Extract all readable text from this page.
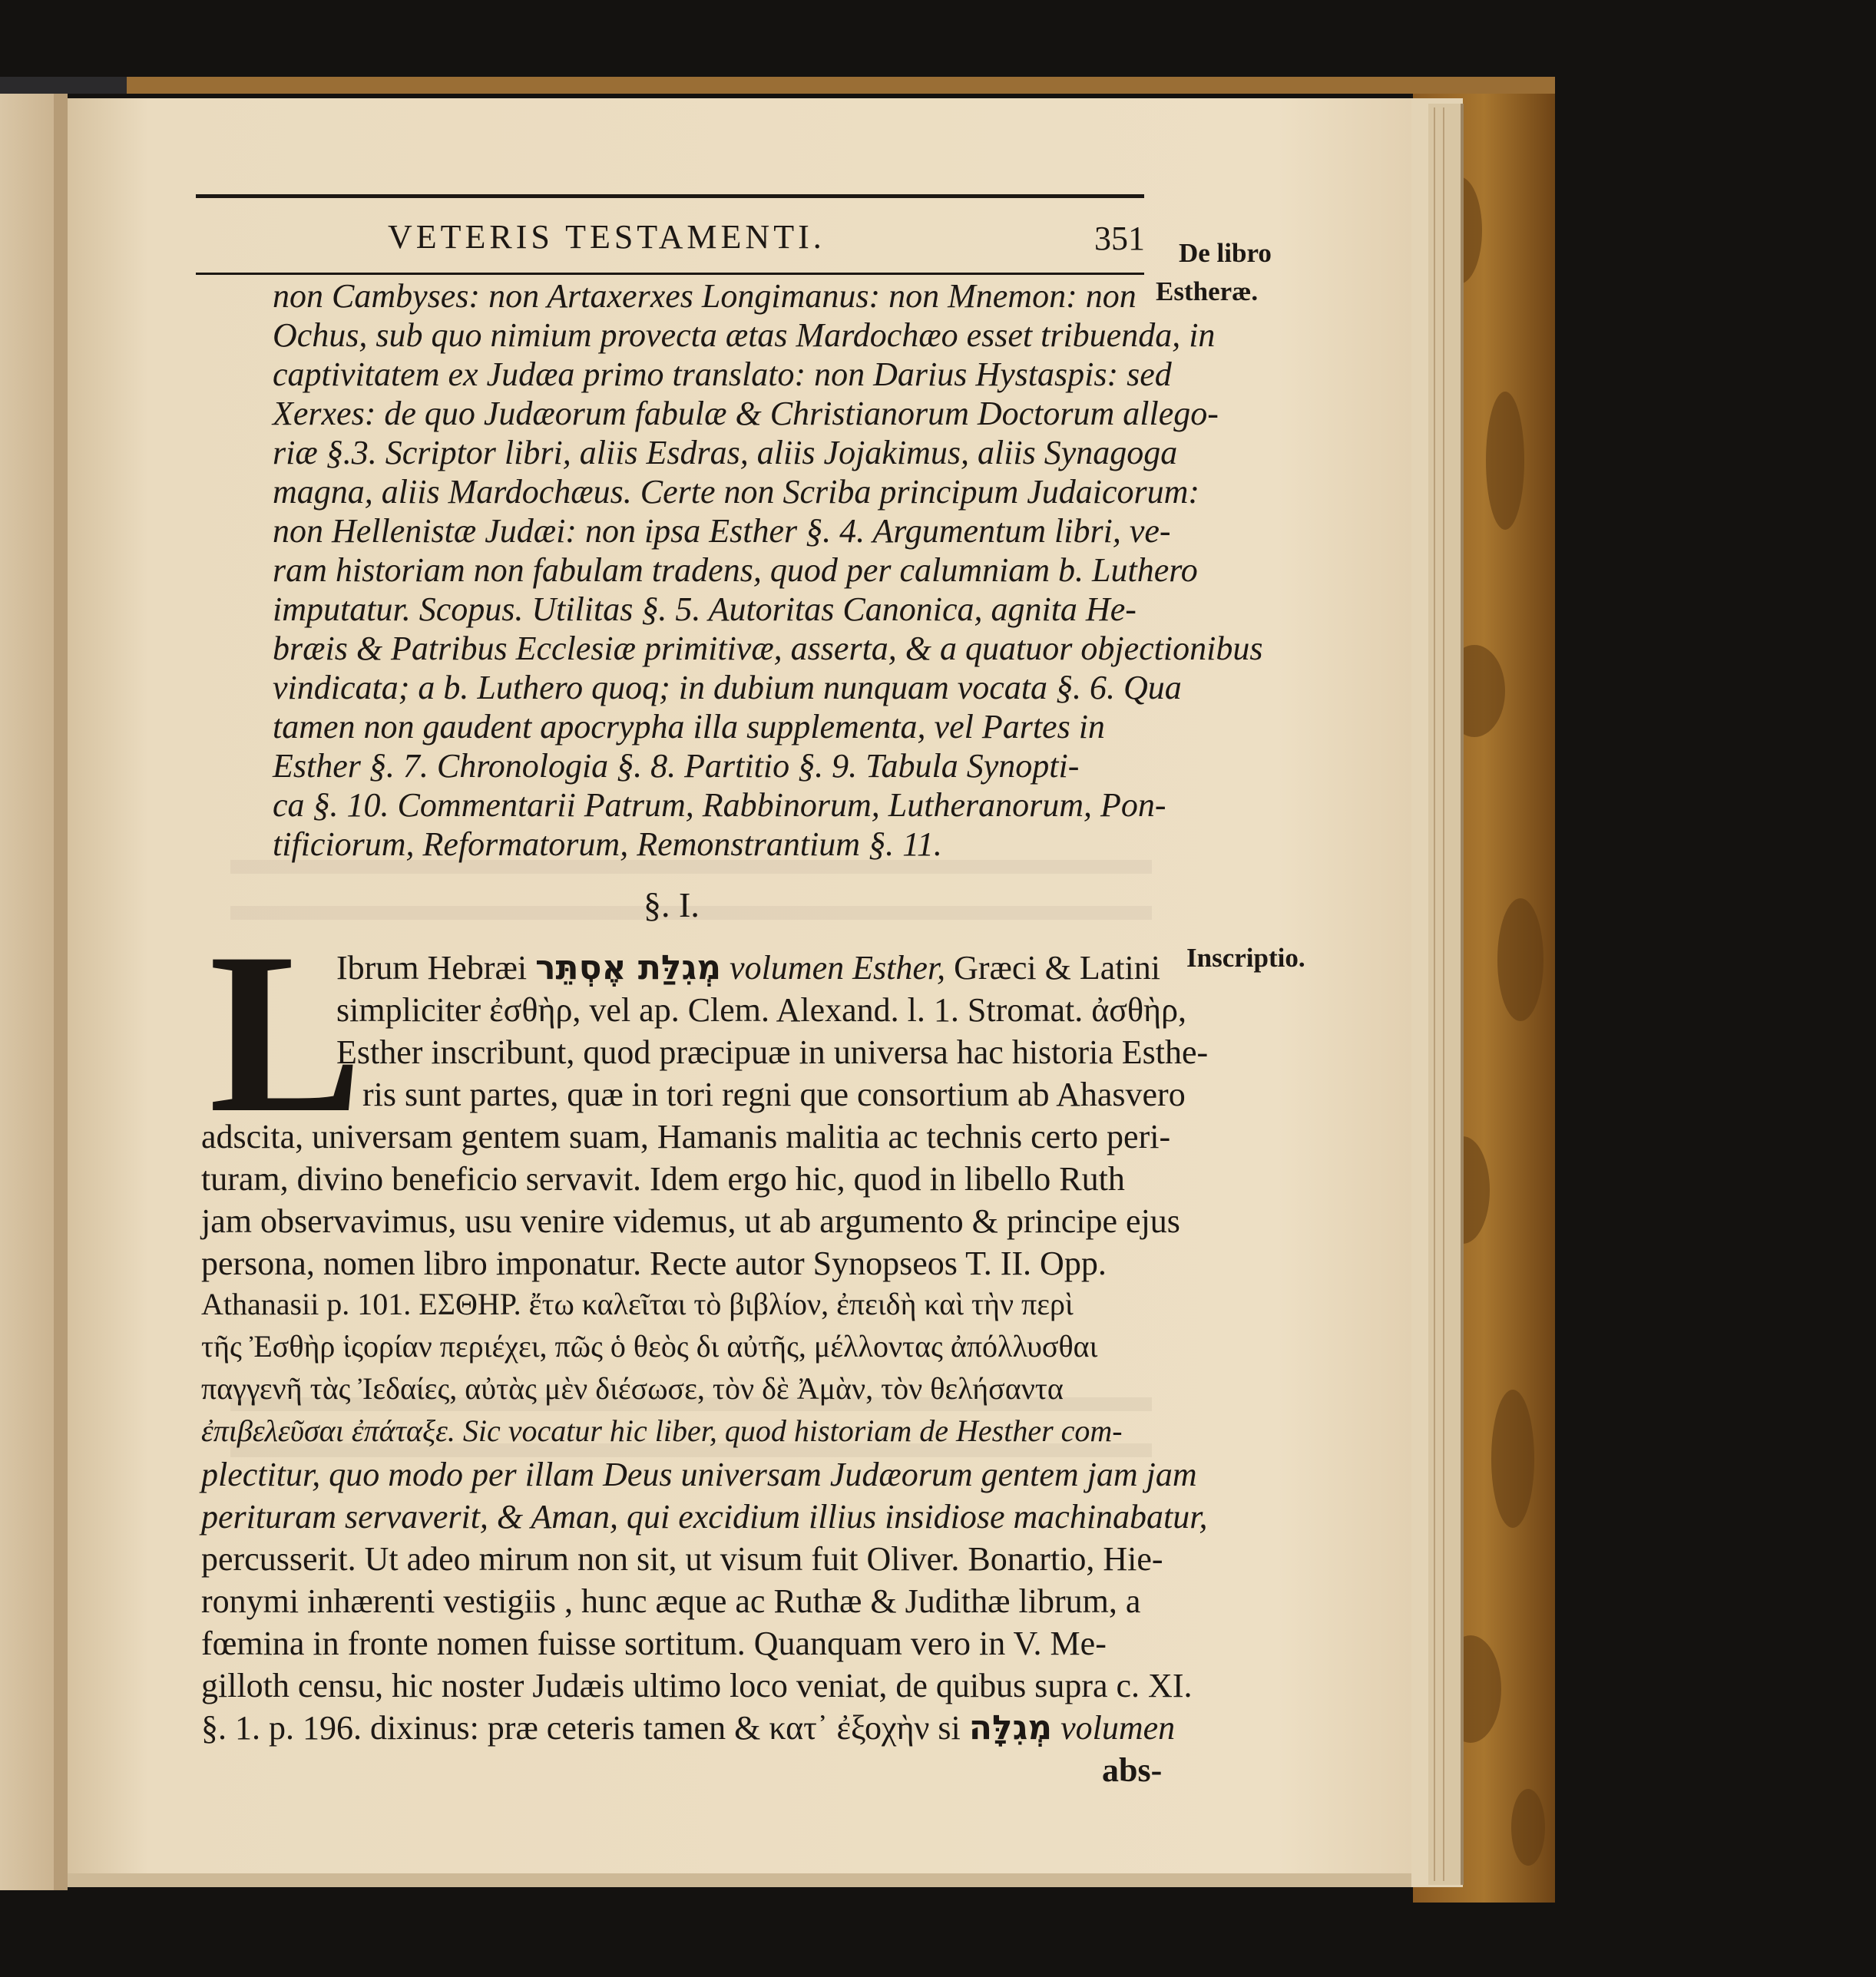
VETERIS TESTAMENTI.	351 De libro
Estheræ.
Inscriptio.
non Cambyses: non Artaxerxes Longimanus: non Mnemon: non
Ochus, sub quo nimium provecta ætas Mardochæo esset tribuenda, in
captivitatem ex Judæa primo translato: non Darius Hystaspis: sed
Xerxes: de quo Judæorum fabulæ & Christianorum Doctorum allego-
riæ §.3. Scriptor libri, aliis Esdras, aliis Jojakimus, aliis Synagoga
magna, aliis Mardochæus. Certe non Scriba principum Judaicorum:
non Hellenistæ Judæi: non ipsa Esther §. 4. Argumentum libri, ve-
ram historiam non fabulam tradens, quod per calumniam b. Luthero
imputatur. Scopus. Utilitas §. 5. Autoritas Canonica, agnita He-
bræis & Patribus Ecclesiæ primitivæ, asserta, & a quatuor objectionibus
vindicata; a b. Luthero quoq; in dubium nunquam vocata §. 6. Qua
tamen non gaudent apocrypha illa supplementa, vel Partes in
Esther §. 7. Chronologia §. 8. Partitio §. 9. Tabula Synopti-
ca §. 10. Commentarii Patrum, Rabbinorum, Lutheranorum, Pon-
tificiorum, Reformatorum, Remonstrantium §. 11.
§. I.
L
Ibrum Hebræi מְגִלַּת אֶסְתֵּר volumen Esther, Græci & Latini
simpliciter ἐσθὴρ, vel ap. Clem. Alexand. l. 1. Stromat. ἀσθὴρ,
Esther inscribunt, quod præcipuæ in universa hac historia Esthe-
ris sunt partes, quæ in tori regni que consortium ab Ahasvero
adscita, universam gentem suam, Hamanis malitia ac technis certo peri-
turam, divino beneficio servavit. Idem ergo hic, quod in libello Ruth
jam observavimus, usu venire videmus, ut ab argumento & principe ejus
persona, nomen libro imponatur. Recte autor Synopseos T. II. Opp.
Athanasii p. 101. ΕΣΘΗΡ. ἔτω καλεῖται τὸ βιβλίον, ἐπειδὴ καὶ τὴν περὶ
τῆς Ἐσθὴρ ἱςορίαν περιέχει, πῶς ὁ θεὸς δι αὐτῆς, μέλλοντας ἀπόλλυσθαι
παγγενῆ τὰς Ἰεδαίες, αὐτὰς μὲν διέσωσε, τὸν δὲ Ἀμὰν, τὸν θελήσαντα
ἐπιβελεῦσαι ἐπάταξε. Sic vocatur hic liber, quod historiam de Hesther com-
plectitur, quo modo per illam Deus universam Judæorum gentem jam jam
perituram servaverit, & Aman, qui excidium illius insidiose machinabatur,
percusserit. Ut adeo mirum non sit, ut visum fuit Oliver. Bonartio, Hie-
ronymi inhærenti vestigiis , hunc æque ac Ruthæ & Judithæ librum, a
fœmina in fronte nomen fuisse sortitum. Quanquam vero in V. Me-
gilloth censu, hic noster Judæis ultimo loco veniat, de quibus supra c. XI.
§. 1. p. 196. dixinus: præ ceteris tamen & κατ᾽ ἐξοχὴν si מְגִלָּה volumen
abs-
